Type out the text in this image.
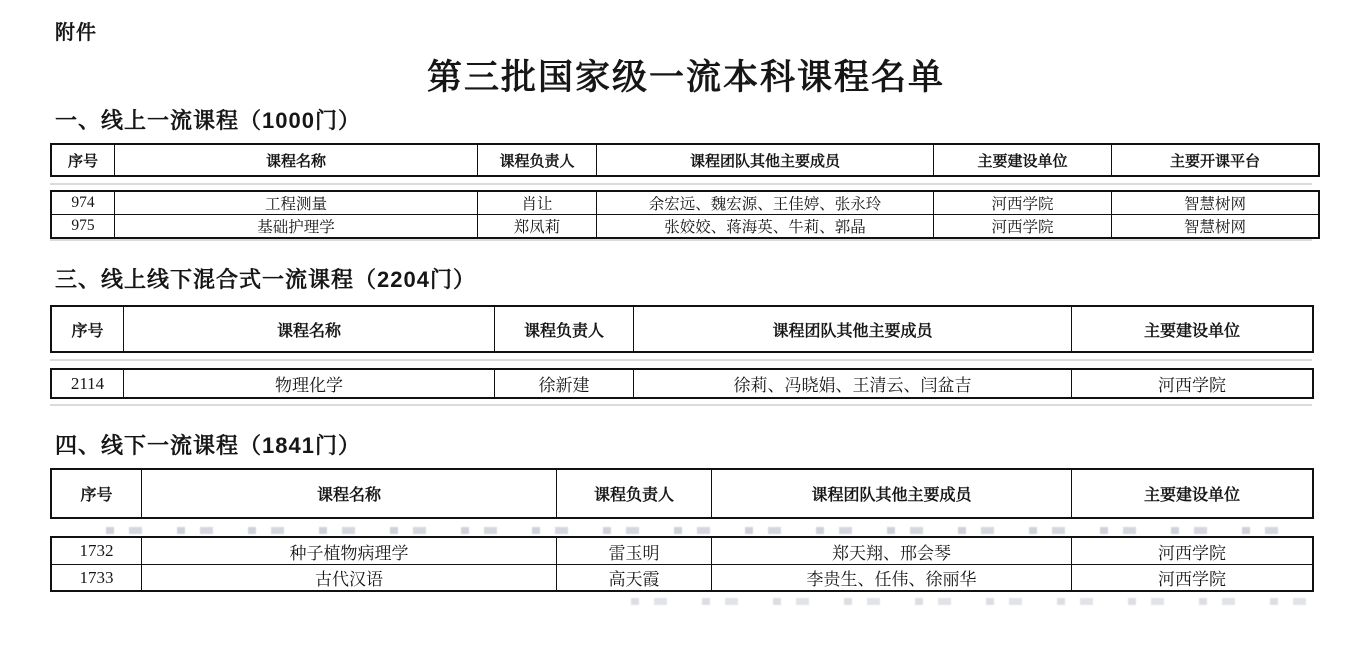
附件
第三批国家级一流本科课程名单
一、线上一流课程（1000门）
序号	课程名称	课程负责人	课程团队其他主要成员	主要建设单位	主要开课平台
974	工程测量	肖让	余宏远、魏宏源、王佳婷、张永玲	河西学院	智慧树网
975	基础护理学	郑凤莉	张姣姣、蒋海英、牛莉、郭晶	河西学院	智慧树网
三、线上线下混合式一流课程（2204门）
序号	课程名称	课程负责人	课程团队其他主要成员	主要建设单位
2114	物理化学	徐新建	徐莉、冯晓娟、王清云、闫盆吉	河西学院
四、线下一流课程（1841门）
序号	课程名称	课程负责人	课程团队其他主要成员	主要建设单位
1732	种子植物病理学	雷玉明	郑天翔、邢会琴	河西学院
1733	古代汉语	高天霞	李贵生、任伟、徐丽华	河西学院
